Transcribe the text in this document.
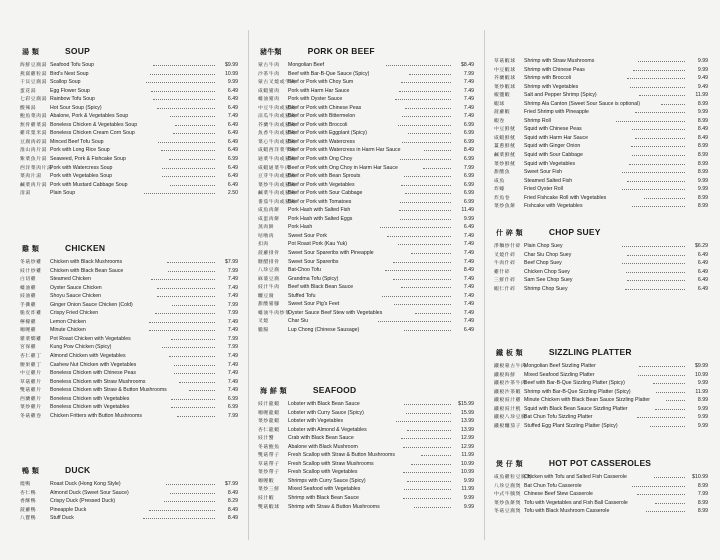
湯 類	SOUP
海鮮豆腐湯 Seafood Tofu Soup	$9.99
燕窩雞粒湯 Bird's Nest Soup	10.99
干貝豆腐湯 Scallop Soup	9.99
蛋花湯	Egg Flower Soup	6.49
七彩豆腐湯 Rainbow Tofu Soup	6.49
酸辣湯	Hot Sour Soup (Spicy)	6.49
鮑魚菜肉湯 Abalone, Pork & Vegetables Soup	7.49
無骨雞菜湯 Boneless Chicken & Vegetables Soup	6.49
雞茸粟米湯 Boneless Chicken Cream Corn Soup	6.49
豆腐肉碎湯 Minced Beef Tofu Soup	6.49
淮山肉片湯 Pork with Long Rice Soup	6.49
紫菜魚片湯 Seaweed, Pork & Fishcake Soup	6.99
西洋菜肉片湯
Pork with Watercress Soup	6.49
菜肉片湯	Pork with Vegetables Soup	6.49
鹹菜肉片湯 Pork with Mustard Cabbage Soup	6.49
清湯	Plain Soup	2.50
雞 類	CHICKEN
冬菇炒雞	Chicken with Black Mushrooms	$7.99
豉汁炒雞	Chicken with Black Bean Sauce	7.99
白切雞	Steamed Chicken	7.49
蠔油雞	Oyster Sauce Chicken	7.49
豉油雞	Shoyu Sauce Chicken	7.49
手撕雞	Ginger Onion Sauce Chicken (Cold)	7.99
脆皮炸雞	Crispy Fried Chicken	7.99
檸檬雞	Lemon Chicken	7.49
咖喱雞	Minute Chicken	7.49
雜菜燜雞	Pot Roast Chicken with Vegetables	7.99
宮保雞	Kung Pow Chicken (Spicy)	7.99
杏仁雞丁	Almond Chicken with Vegetables	7.49
腰果雞丁	Cashew Nut Chicken with Vegetables	7.49
中豆雞片	Boneless Chicken with Chinese Peas	7.49
草菇雞片	Boneless Chicken with Straw Mushrooms	7.49
雙菇雞片	Boneless Chicken with Straw & Button Mushrooms	7.49
西蘭雞片	Boneless Chicken with Vegetables	6.99
菜炒雞片	Boneless Chicken with Vegetables	6.99
冬菇雞卷	Chicken Fritters with Button Mushrooms	7.99
鴨 類	DUCK
燒鴨	Roast Duck (Hong Kong Style)	$7.99
杏仁鴨	Almond Duck (Sweet Sour Sauce)	8.49
香酥鴨	Crispy Duck (Pressed Duck)	8.29
菠蘿鴨	Pineapple Duck	8.49
八寶鴨	Stuff Duck	8.49
豬牛類	PORK OR BEEF
蒙古牛肉	Mongolian Beef	$8.49
沙茶牛肉	Beef with Bar-B-Que Sauce (Spicy)	7.99
蒙古叉燒或牛肉
Beef or Pork with Choy Sum	7.49
咸蝦豬肉	Pork with Harm Har Sauce	7.49
蠔油豬肉	Pork with Oyster Sauce	7.49
中豆牛肉或豬肉
Beef or Pork with Chinese Peas	7.49
涼瓜牛肉或豬肉
Beef or Pork with Bittermelon	7.49
芥蘭牛肉或豬肉
Beef or Pork with Broccoli	6.99
魚香牛肉或豬肉
Beef or Pork with Eggplant (Spicy)	6.99
菜心牛肉或豬肉
Beef or Pork with Watercress	6.99
咸蝦西洋菜牛肉
Beef or Pork with Watercress in Harm Har Sauce	8.49
通菜牛肉或豬肉
Beef or Pork with Ong Choy	6.99
咸蝦通菜牛肉
Beef or Pork with Ong Choy in Harm Har Sauce	7.99
豆芽牛肉或豬肉
Beef or Pork with Bean Sprouts	6.99
菜炒牛肉或豬肉
Beef or Pork with Vegetables	6.99
鹹菜牛肉或豬肉
Beef or Pork with Sour Cabbage	6.99
番茄牛肉或豬肉
Beef or Pork with Tomatoes	6.99
咸魚肉餅	Pork Hash with Salted Fish	11.49
咸蛋肉餅	Pork Hash with Salted Eggs	9.99
蒸肉餅	Pork Hash	6.49
咕嚕肉	Sweet Sour Pork	7.49
扣肉	Pot Roast Pork (Kau Yuk)	7.49
菠蘿排骨	Sweet Sour Spareribs with Pineapple	7.49
糖醋排骨	Sweet Sour Spareribs	7.49
八珍豆腐	Bat-Choo Tofu	8.49
麻婆豆腐	Grandma Tofu (Spicy)	7.49
豉汁牛肉	Beef with Black Bean Sauce	7.49
釀豆腐	Stuffed Tofu	7.49
甜酸豬腳	Sweet Sour Pig's Feet	7.49
蠔油牛肉炒菜
Oyster Sauce Beef Stew with Vegetables	7.49
叉燒	Char Siu	7.49
臘腸	Lup Chong (Chinese Sausage)	6.49
海 鮮 類	SEAFOOD
豉汁龍蝦	Lobster with Black Bean Sauce	$15.99
咖喱龍蝦	Lobster with Curry Sauce (Spicy)	15.99
菜炒龍蝦	Lobster with Vegetables	13.99
杏仁龍蝦	Lobster with Almond & Vegetables	13.99
豉汁蟹	Crab with Black Bean Sauce	12.99
冬菇鮑魚	Abalone with Black Mushroom	12.99
雙菇帶子	Fresh Scallop with Straw & Button Mushrooms	11.99
草菇帶子	Fresh Scallop with Straw Mushrooms	10.99
菜炒帶子	Fresh Scallop with Vegetables	10.99
咖喱蝦	Shrimps with Curry Sauce (Spicy)	9.99
菜炒三鮮	Mixed Seafood with Vegetables	11.99
豉汁蝦	Shrimp with Black Bean Sauce	9.99
雙菇蝦球	Shrimp with Straw & Button Mushrooms	9.99
草菇蝦球	Shrimp with Straw Mushrooms	9.99
中豆蝦球	Shrimp with Chinese Peas	9.99
芥蘭蝦球	Shrimp with Broccoli	9.49
菜炒蝦球	Shrimp with Vegetables	9.49
椒鹽蝦	Salt and Pepper Shrimp (Spicy)	11.99
蝦球	Shrimp Ala Canton (Sweet Sour Sauce is optional)	8.99
菠蘿蝦	Fried Shrimp with Pineapple	9.99
蝦卷	Shrimp Roll	8.99
中豆鮮魷	Squid with Chinese Peas	8.49
咸蝦鮮魷	Squid with Harm Har Sauce	8.49
薑蔥鮮魷	Squid with Ginger Onion	8.99
鹹菜鮮魷	Squid with Sour Cabbage	8.99
菜炒鮮魷	Squid with Vegetables	8.99
甜酸魚	Sweet Sour Fish	8.99
咸魚	Steamed Salted Fish	9.99
炸蠔	Fried Oyster Roll	9.99
炸魚卷	Fried Fishcake Roll with Vegetables	8.99
菜炒魚餅	Fishcake with Vegetables	8.99
什 碎 類	CHOP SUEY
淨麵炒什碎 Plain Chop Suey	$6.29
叉燒什碎	Char Siu Chop Suey	6.49
牛肉什碎	Beef Chop Suey	6.49
雞什碎	Chicken Chop Suey	6.49
三鮮什碎	Sam See Chop Suey	6.49
蝦仁什碎	Shrimp Chop Suey	6.49
鐵 板 類	SIZZLING PLATTER
鐵板蒙古牛肉
Mongolian Beef Sizzling Platter	$9.99
鐵板海鮮	Mixed Seafood Sizzling Platter	10.99
鐵板沙茶牛肉
Beef with Bar-B-Que Sizzling Platter (Spicy)	9.99
鐵板沙茶蝦 Shrimp with Bar-B-Que Sizzling Platter (Spicy)	11.99
鐵板豉汁雞 Minute Chicken with Black Bean Sauce Sizzling Platter	8.99
鐵板豉汁魷 Squid with Black Bean Sauce Sizzling Platter	9.99
鐵板八珍豆腐
Bat Chun Tofu Sizzling Platter	9.99
鐵板釀茄子 Stuffed Egg Plant Sizzling Platter (Spicy)	9.99
煲 仔 類	HOT POT CASSEROLES
咸魚雞粒豆腐煲
Chicken with Tofu and Salted Fish Casserole	$10.99
八珍豆腐煲 Bat Chun Tofu Casserole	8.99
中式牛腩煲 Chinese Beef Stew Casserole	7.99
菜炒魚餅煲 Tofu with Vegetables and Fish Ball Casserole	8.99
冬菇豆腐煲 Tofu with Black Mushroom Casserole	8.99
